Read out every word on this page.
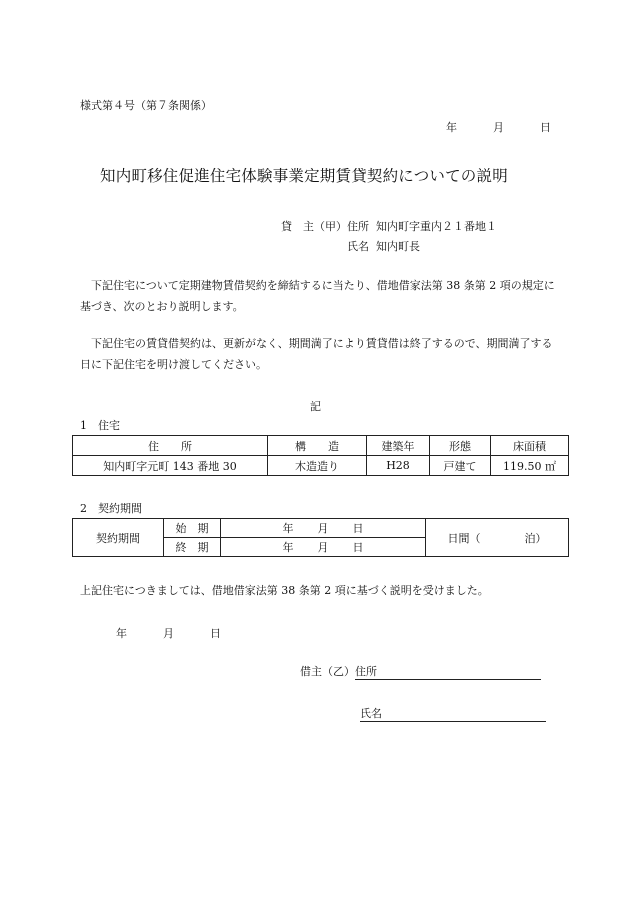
様式第４号（第７条関係）
年	月	日
知内町移住促進住宅体験事業定期賃貸契約についての説明
貸　主（甲）住所 知内町字重内２１番地１
氏名 知内町長
下記住宅について定期建物賃借契約を締結するに当たり、借地借家法第 38 条第 2 項の規定に基づき、次のとおり説明します。
下記住宅の賃貸借契約は、更新がなく、期間満了により賃貸借は終了するので、期間満了する日に下記住宅を明け渡してください。
記
1　住宅
住　　所	構　　造	建築年	形態	床面積
知内町字元町 143 番地 30	木造造り	H28	戸建て	119.50 ㎡
2　契約期間
契約期間	始　期	年 月 日	日間（ 泊）
	終　期	年 月 日	
上記住宅につきましては、借地借家法第 38 条第 2 項に基づく説明を受けました。
年	月	日
借主（乙）住所
氏名
